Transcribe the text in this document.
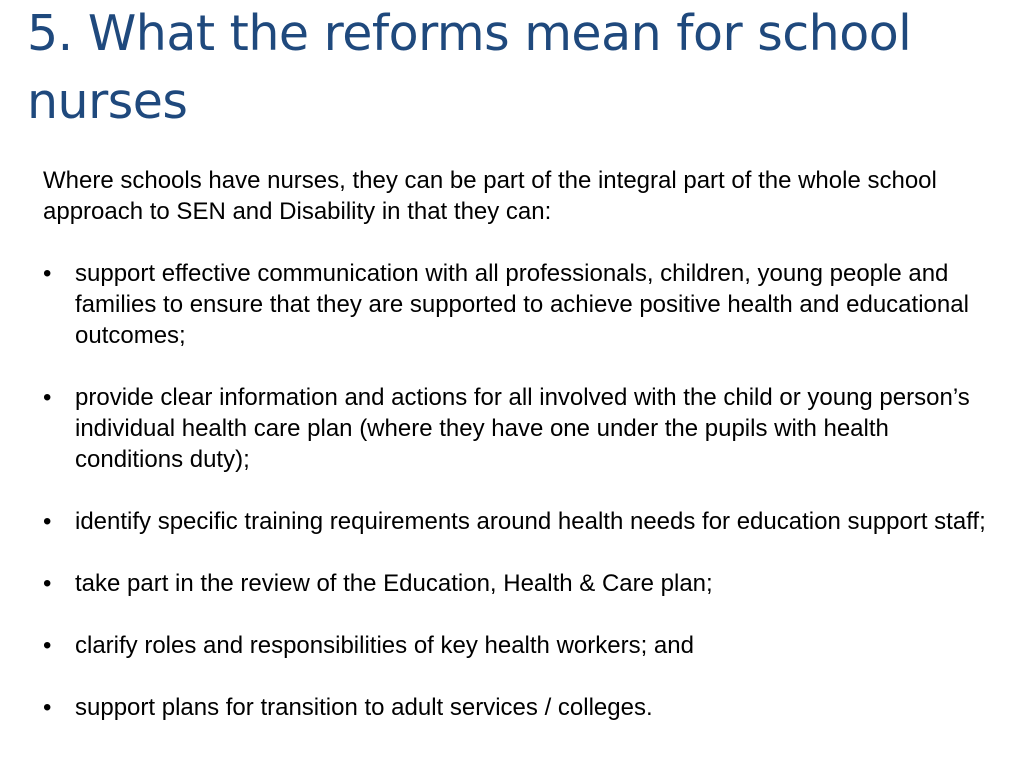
5. What the reforms mean for school nurses

Where schools have nurses, they can be part of the integral part of the whole school approach to SEN and Disability in that they can:

• support effective communication with all professionals, children, young people and families to ensure that they are supported to achieve positive health and educational outcomes;
• provide clear information and actions for all involved with the child or young person’s individual health care plan (where they have one under the pupils with health conditions duty);
• identify specific training requirements around health needs for education support staff;
• take part in the review of the Education, Health & Care plan;
• clarify roles and responsibilities of key health workers; and
• support plans for transition to adult services / colleges.
